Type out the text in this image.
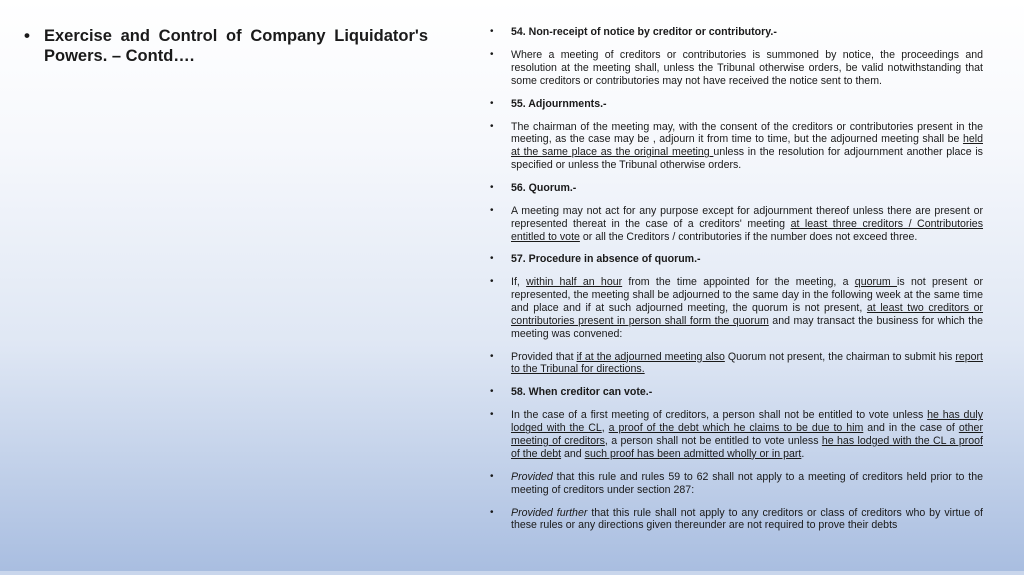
• Exercise and Control of Company Liquidator's Powers. – Contd….
•	54. Non-receipt of notice by creditor or contributory.-
•	Where a meeting of creditors or contributories is summoned by notice, the proceedings and resolution at the meeting shall, unless the Tribunal otherwise orders, be valid notwithstanding that some creditors or contributories may not have received the notice sent to them.
•	55. Adjournments.-
•	The chairman of the meeting may, with the consent of the creditors or contributories present in the meeting, as the case may be , adjourn it from time to time, but the adjourned meeting shall be held at the same place as the original meeting unless in the resolution for adjournment another place is specified or unless the Tribunal otherwise orders.
•	56. Quorum.-
•	A meeting may not act for any purpose except for adjournment thereof unless there are present or represented thereat in the case of a creditors' meeting at least three creditors / Contributories entitled to vote or all the Creditors / contributories if the number does not exceed three.
•	57. Procedure in absence of quorum.-
•	If, within half an hour from the time appointed for the meeting, a quorum is not present or represented, the meeting shall be adjourned to the same day in the following week at the same time and place and if at such adjourned meeting, the quorum is not present, at least two creditors or contributories present in person shall form the quorum and may transact the business for which the meeting was convened:
•	Provided that if at the adjourned meeting also Quorum not present, the chairman to submit his report to the Tribunal for directions.
•	58. When creditor can vote.-
•	In the case of a first meeting of creditors, a person shall not be entitled to vote unless he has duly lodged with the CL, a proof of the debt which he claims to be due to him and in the case of other meeting of creditors, a person shall not be entitled to vote unless he has lodged with the CL a proof of the debt and such proof has been admitted wholly or in part.
•	Provided that this rule and rules 59 to 62 shall not apply to a meeting of creditors held prior to the meeting of creditors under section 287:
•	Provided further that this rule shall not apply to any creditors or class of creditors who by virtue of these rules or any directions given thereunder are not required to prove their debts
